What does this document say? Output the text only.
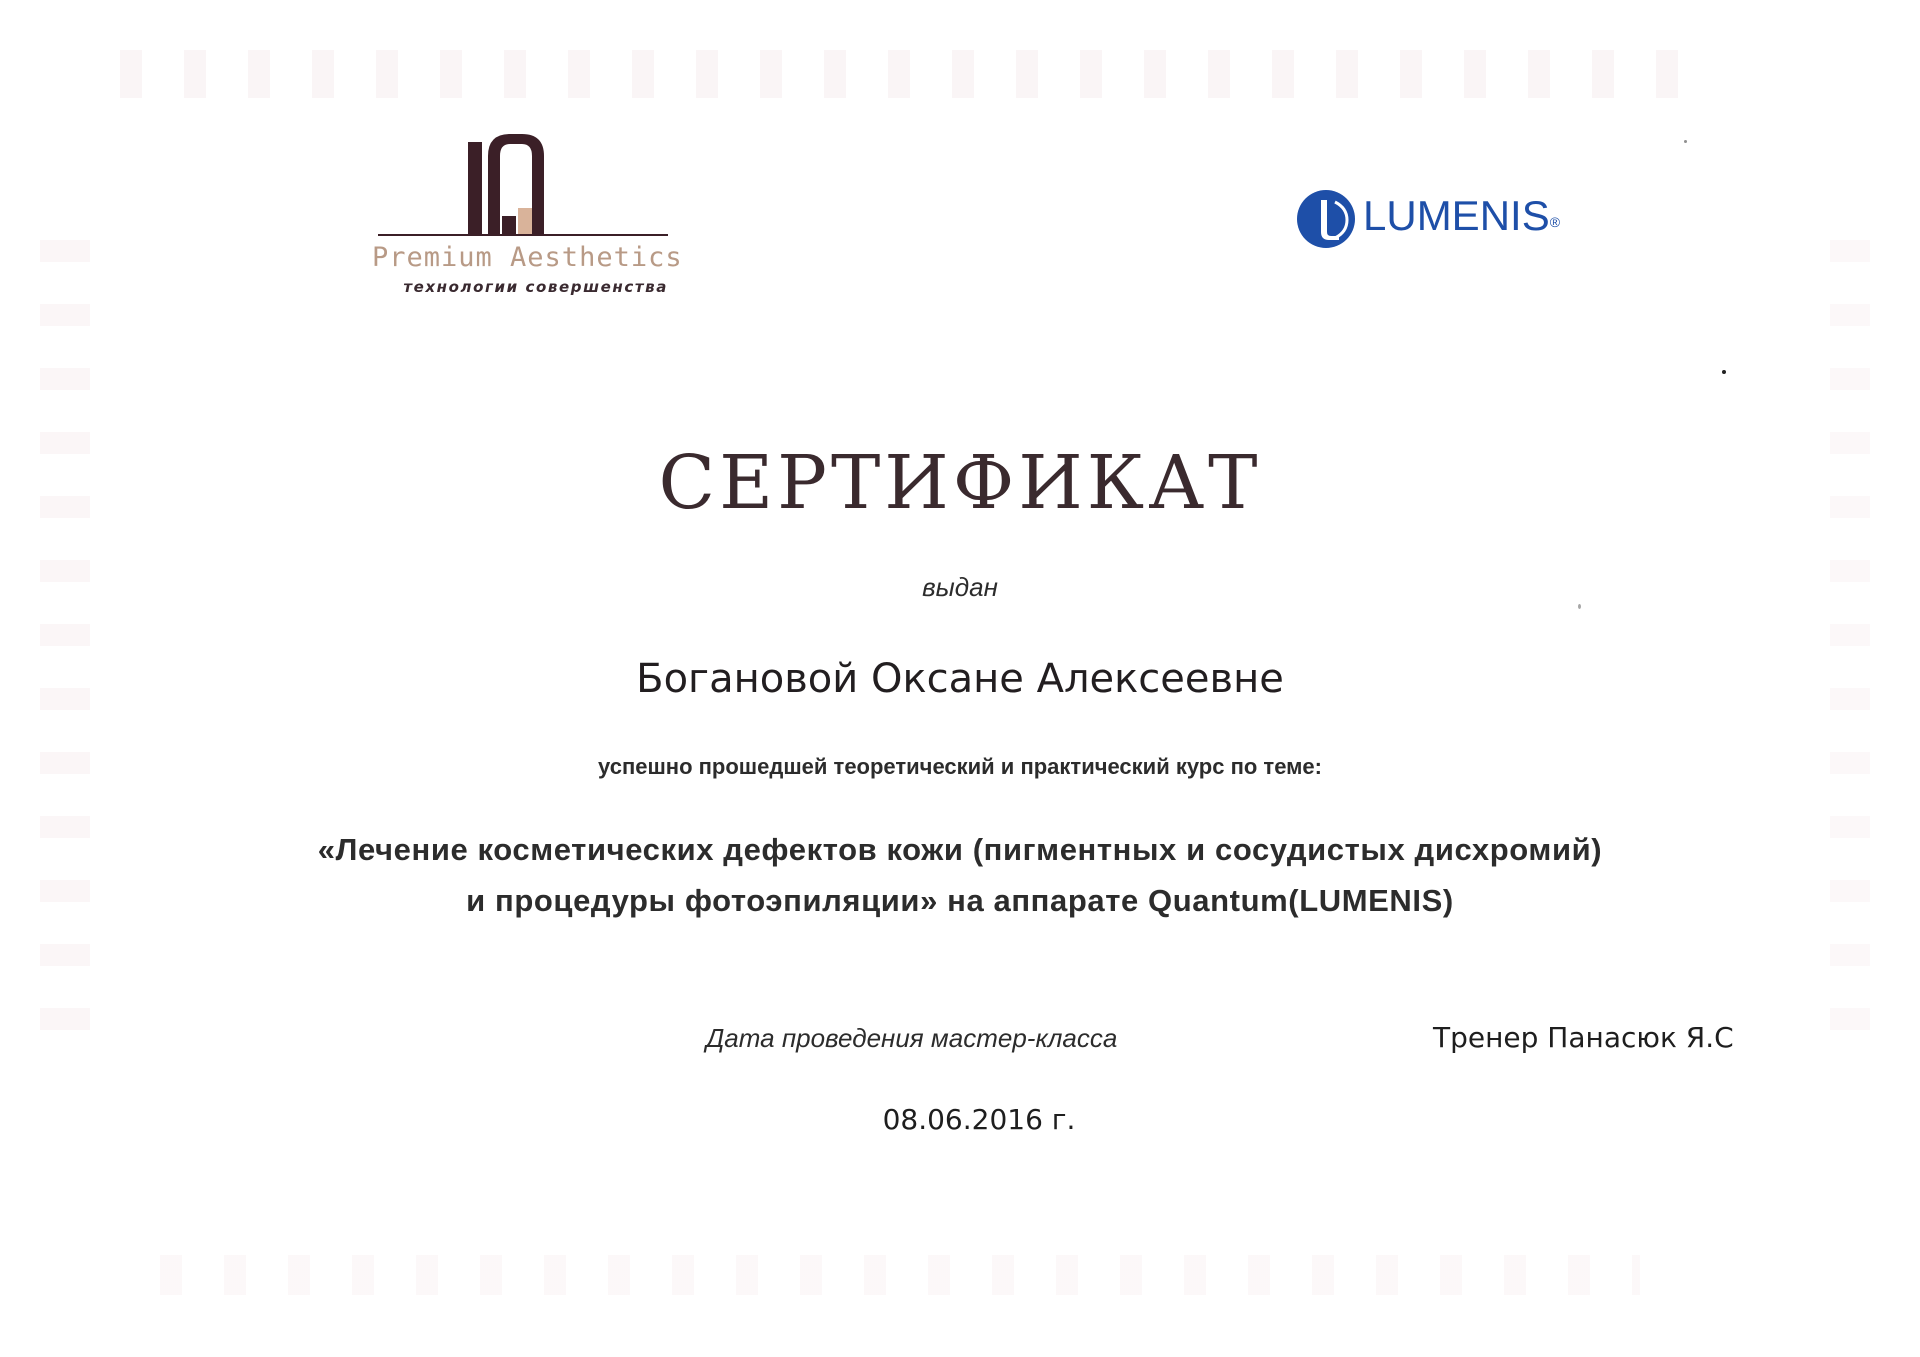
Premium Aesthetics
технологии совершенства
LUMENIS®
СЕРТИФИКАТ
выдан
Богановой Оксане Алексеевне
успешно прошедшей теоретический и практический курс по теме:
«Лечение косметических дефектов кожи (пигментных и сосудистых дисхромий)
и процедуры фотоэпиляции» на аппарате Quantum(LUMENIS)
Дата проведения мастер-класса	Тренер Панасюк Я.С
08.06.2016 г.
